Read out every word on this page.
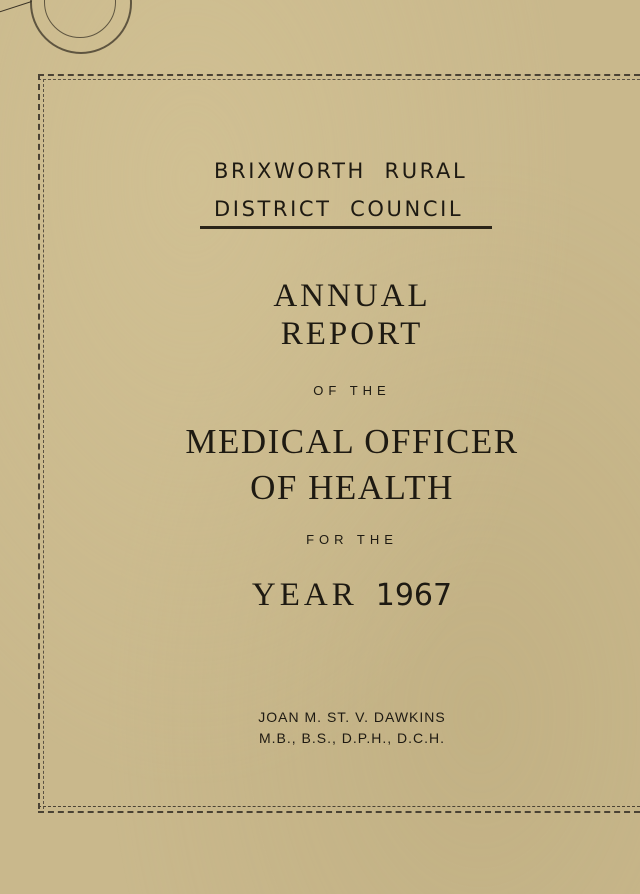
BRIXWORTH  RURAL
DISTRICT  COUNCIL
ANNUAL
REPORT
OF THE
MEDICAL OFFICER
OF HEALTH
FOR THE
YEAR 1967
JOAN M. ST. V. DAWKINS
M.B., B.S., D.P.H., D.C.H.
